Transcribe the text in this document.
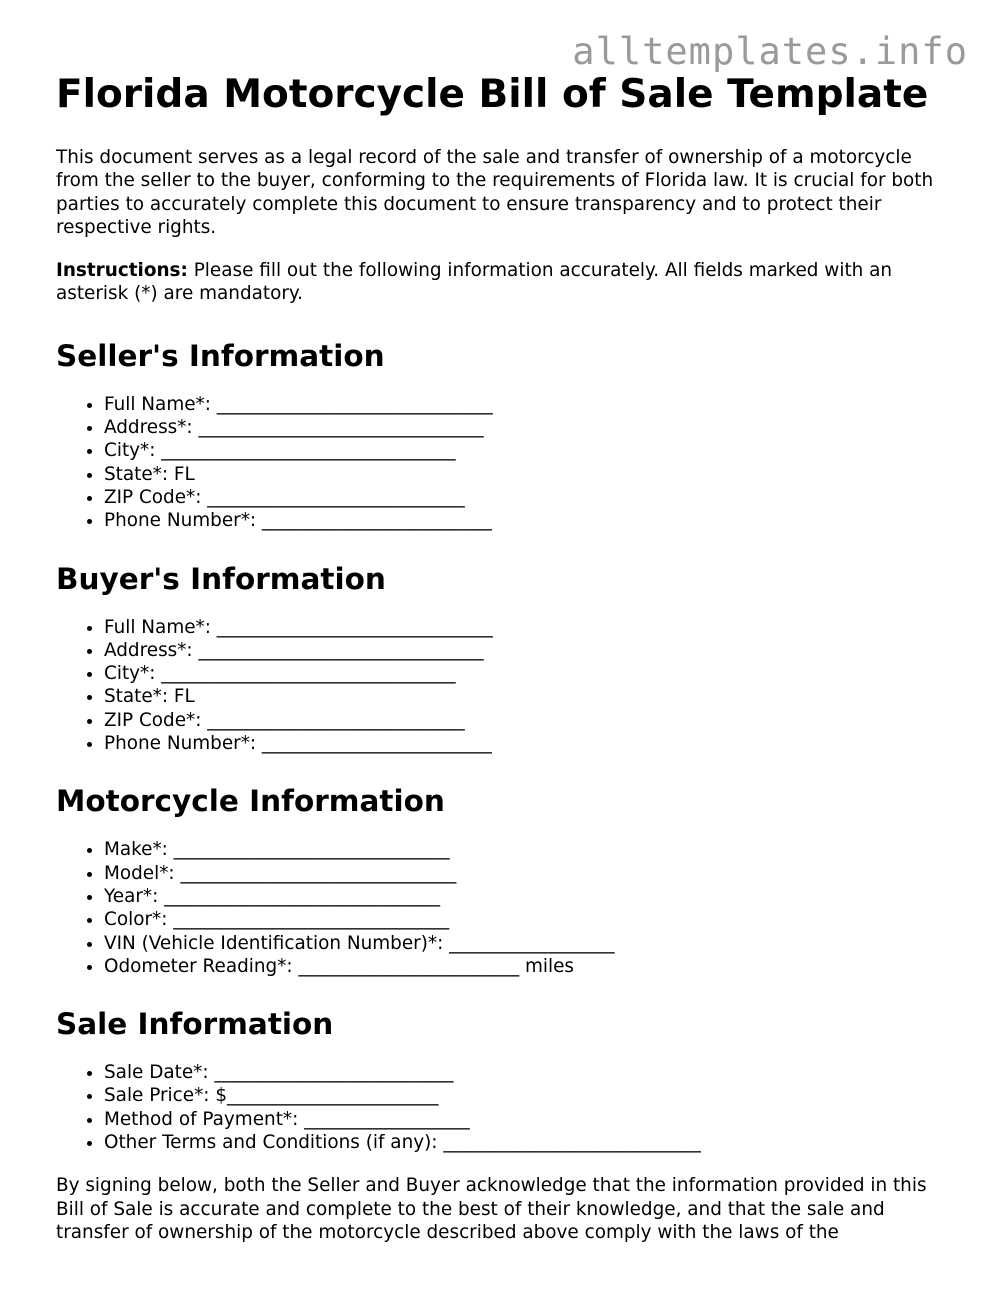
alltemplates.info
Florida Motorcycle Bill of Sale Template

This document serves as a legal record of the sale and transfer of ownership of a motorcycle from the seller to the buyer, conforming to the requirements of Florida law. It is crucial for both parties to accurately complete this document to ensure transparency and to protect their respective rights.

Instructions: Please fill out the following information accurately. All fields marked with an asterisk (*) are mandatory.

Seller's Information
• Full Name*: ______________________________
• Address*: _______________________________
• City*: ________________________________
• State*: FL
• ZIP Code*: ____________________________
• Phone Number*: _________________________
Buyer's Information
• Full Name*: ______________________________
• Address*: _______________________________
• City*: ________________________________
• State*: FL
• ZIP Code*: ____________________________
• Phone Number*: _________________________
Motorcycle Information
• Make*: ______________________________
• Model*: ______________________________
• Year*: ______________________________
• Color*: ______________________________
• VIN (Vehicle Identification Number)*: __________________
• Odometer Reading*: ________________________ miles
Sale Information
• Sale Date*: __________________________
• Sale Price*: $_______________________
• Method of Payment*: __________________
• Other Terms and Conditions (if any): ____________________________

By signing below, both the Seller and Buyer acknowledge that the information provided in this Bill of Sale is accurate and complete to the best of their knowledge, and that the sale and transfer of ownership of the motorcycle described above comply with the laws of the
